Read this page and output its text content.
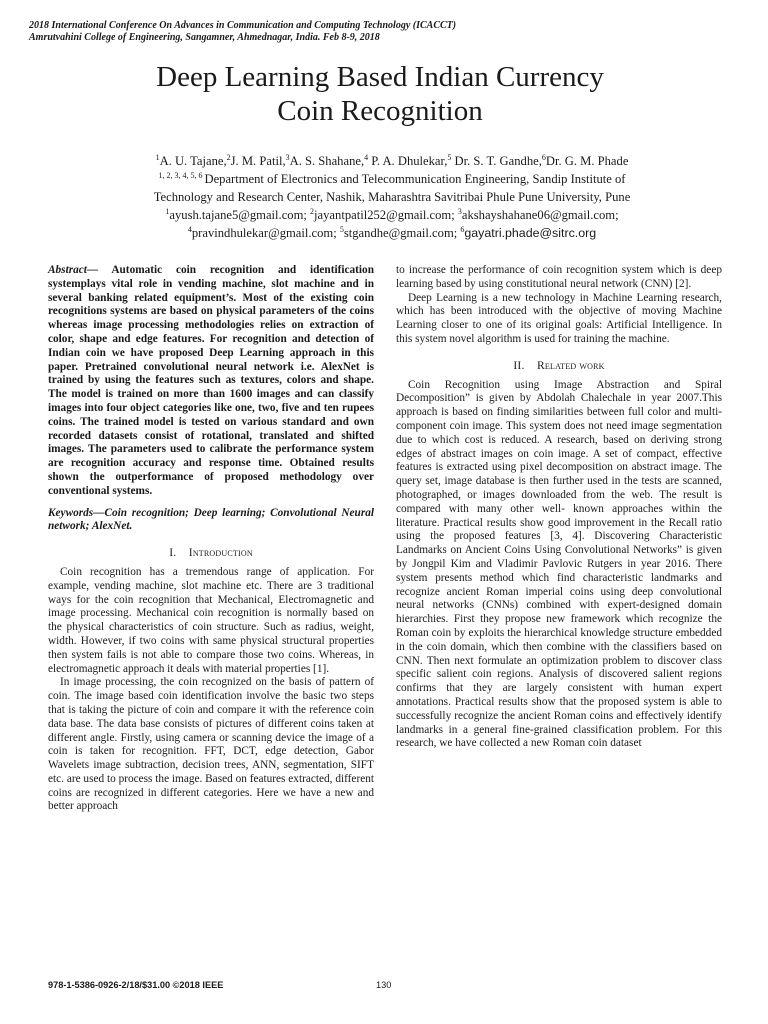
2018 International Conference On Advances in Communication and Computing Technology (ICACCT)
Amrutvahini College of Engineering, Sangamner, Ahmednagar, India. Feb 8-9, 2018
Deep Learning Based Indian Currency
Coin Recognition
$^1$A. U. Tajane,$^2$J. M. Patil,$^3$A. S. Shahane,$^4$ P. A. Dhulekar,$^5$ Dr. S. T. Gandhe,$^6$Dr. G. M. Phade
$^{1, 2, 3, 4, 5, 6}$ Department of Electronics and Telecommunication Engineering, Sandip Institute of
Technology and Research Center, Nashik, Maharashtra Savitribai Phule Pune University, Pune
$^1$ayush.tajane5@gmail.com; $^2$jayantpatil252@gmail.com; $^3$akshayshahane06@gmail.com;
$^4$pravindhulekar@gmail.com; $^5$stgandhe@gmail.com; $^6$gayatri.phade@sitrc.org

Abstract— Automatic coin recognition and identification systemplays vital role in vending machine, slot machine and in several banking related equipment’s. Most of the existing coin recognitions systems are based on physical parameters of the coins whereas image processing methodologies relies on extraction of color, shape and edge features. For recognition and detection of Indian coin we have proposed Deep Learning approach in this paper. Pretrained convolutional neural network i.e. AlexNet is trained by using the features such as textures, colors and shape. The model is trained on more than 1600 images and can classify images into four object categories like one, two, five and ten rupees coins. The trained model is tested on various standard and own recorded datasets consist of rotational, translated and shifted images. The parameters used to calibrate the performance system are recognition accuracy and response time. Obtained results shown the outperformance of proposed methodology over conventional systems.

Keywords—Coin recognition; Deep learning; Convolutional Neural network; AlexNet.

I.    Introduction

Coin recognition has a tremendous range of application. For example, vending machine, slot machine etc. There are 3 traditional ways for the coin recognition that Mechanical, Electromagnetic and image processing. Mechanical coin recognition is normally based on the physical characteristics of coin structure. Such as radius, weight, width. However, if two coins with same physical structural properties then system fails is not able to compare those two coins. Whereas, in electromagnetic approach it deals with material properties [1].

In image processing, the coin recognized on the basis of pattern of coin. The image based coin identification involve the basic two steps that is taking the picture of coin and compare it with the reference coin data base. The data base consists of pictures of different coins taken at different angle. Firstly, using camera or scanning device the image of a coin is taken for recognition. FFT, DCT, edge detection, Gabor Wavelets image subtraction, decision trees, ANN, segmentation, SIFT etc. are used to process the image. Based on features extracted, different coins are recognized in different categories. Here we have a new and better approach

to increase the performance of coin recognition system which is deep learning based by using constitutional neural network (CNN) [2].

Deep Learning is a new technology in Machine Learning research, which has been introduced with the objective of moving Machine Learning closer to one of its original goals: Artificial Intelligence. In this system novel algorithm is used for training the machine.

II.    Related work

Coin Recognition using Image Abstraction and Spiral Decomposition” is given by Abdolah Chalechale in year 2007.This approach is based on finding similarities between full color and multi-component coin image. This system does not need image segmentation due to which cost is reduced. A research, based on deriving strong edges of abstract images on coin image. A set of compact, effective features is extracted using pixel decomposition on abstract image. The query set, image database is then further used in the tests are scanned, photographed, or images downloaded from the web. The result is compared with many other well- known approaches within the literature. Practical results show good improvement in the Recall ratio using the proposed features [3, 4]. Discovering Characteristic Landmarks on Ancient Coins Using Convolutional Networks” is given by Jongpil Kim and Vladimir Pavlovic Rutgers in year 2016. There system presents method which find characteristic landmarks and recognize ancient Roman imperial coins using deep convolutional neural networks (CNNs) combined with expert-designed domain hierarchies. First they propose new framework which recognize the Roman coin by exploits the hierarchical knowledge structure embedded in the coin domain, which then combine with the classifiers based on CNN. Then next formulate an optimization problem to discover class specific salient coin regions. Analysis of discovered salient regions confirms that they are largely consistent with human expert annotations. Practical results show that the proposed system is able to successfully recognize the ancient Roman coins and effectively identify landmarks in a general fine-grained classification problem. For this research, we have collected a new Roman coin dataset

978-1-5386-0926-2/18/$31.00 ©2018 IEEE	130
